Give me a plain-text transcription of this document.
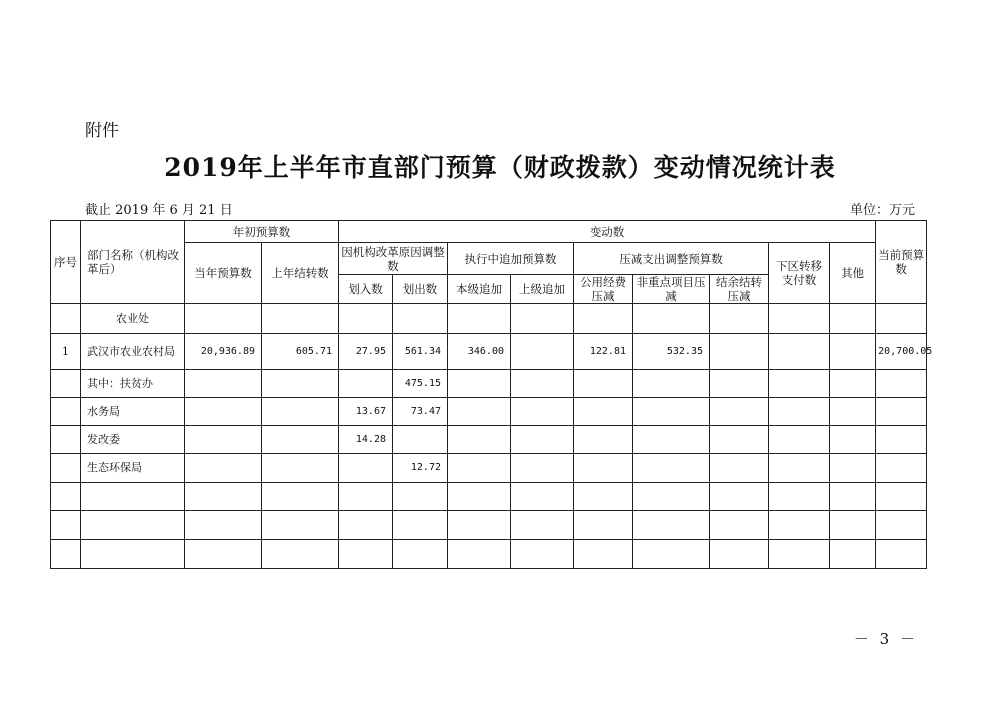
附件
2019年上半年市直部门预算（财政拨款）变动情况统计表
截止 2019 年 6 月 21 日	单位：万元
序号	部门名称（机构改革后）	年初预算数		变动数									当前预算数
		当年预算数	上年结转数	因机构改革原因调整数		执行中追加预算数		压减支出调整预算数			下区转移支付数	其他	
				划入数	划出数	本级追加	上级追加	公用经费压减	非重点项目压减	结余结转压减			

	农业处												
1	武汉市农业农村局	20,936.89	605.71	27.95	561.34	346.00		122.81	532.35				20,700.05
	其中：扶贫办				475.15								
	水务局			13.67	73.47								
	发改委			14.28									
	生态环保局				12.72								

－ 3 －
